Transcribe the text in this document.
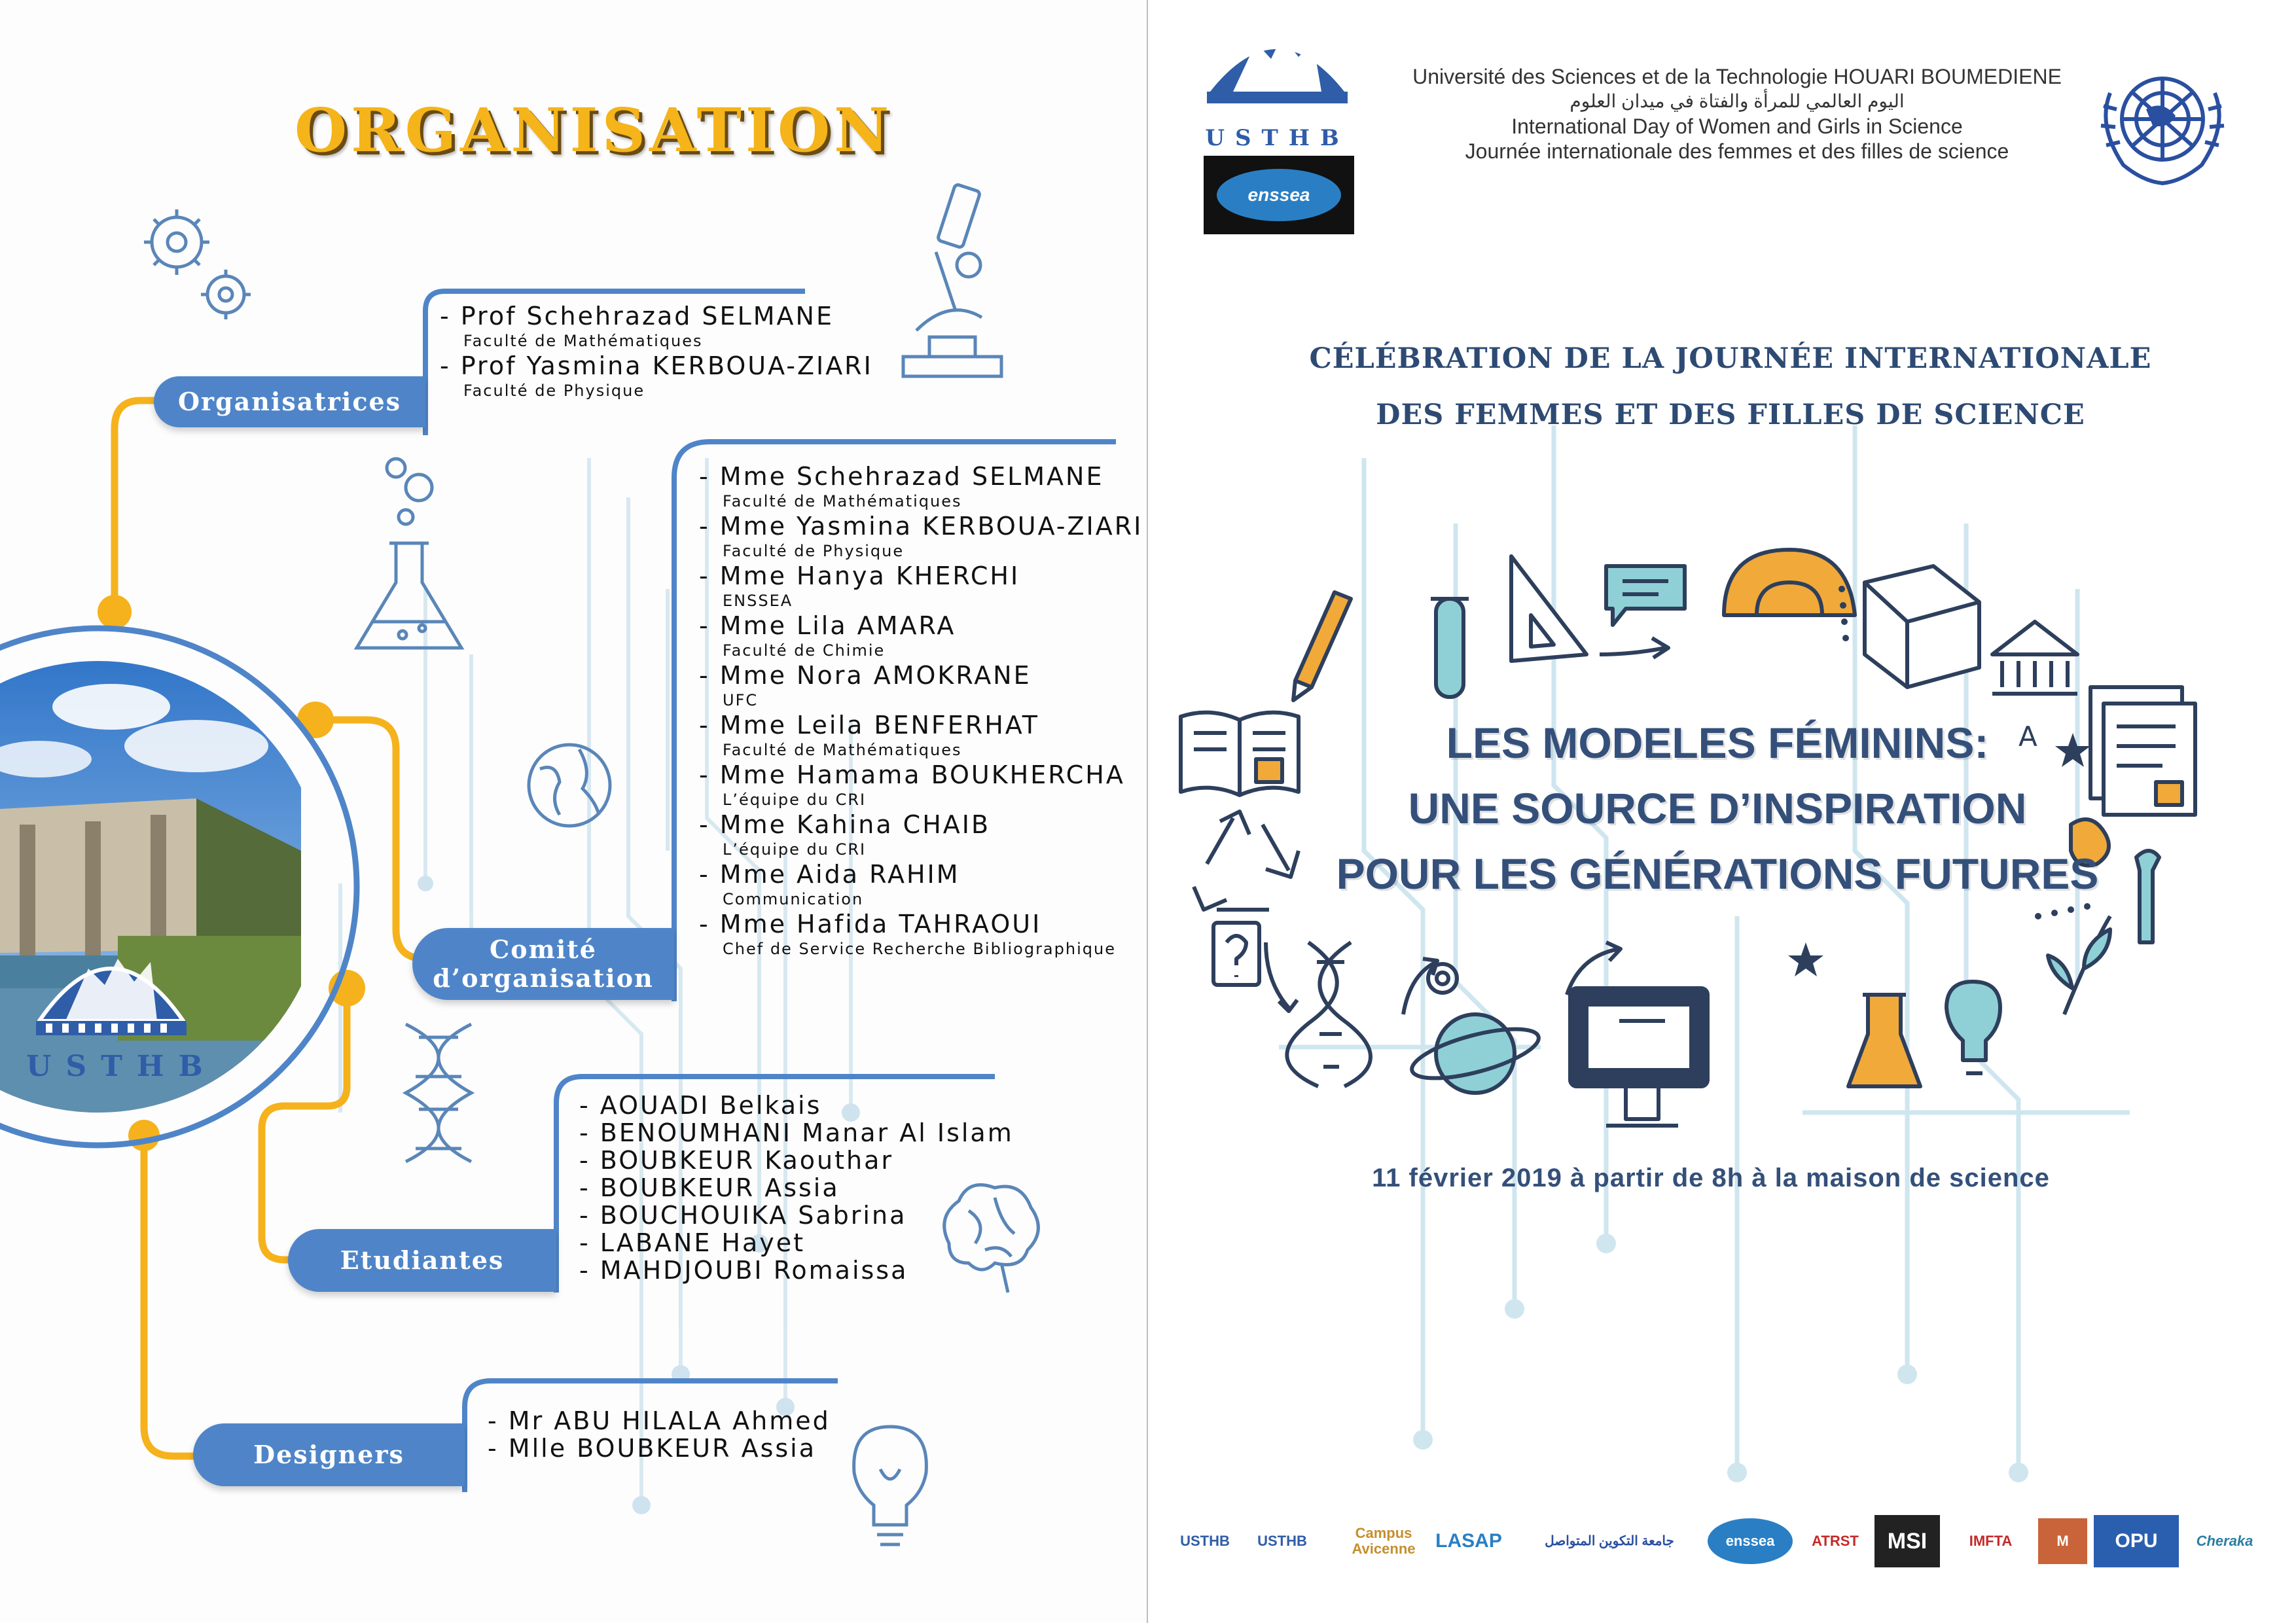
ORGANISATION
USTHB
Organisatrices
- Prof Schehrazad SELMANE
Faculté de Mathématiques
- Prof Yasmina KERBOUA-ZIARI
Faculté de Physique
Comité
d’organisation
- Mme Schehrazad SELMANE
Faculté de Mathématiques
- Mme Yasmina KERBOUA-ZIARI
Faculté de Physique
- Mme Hanya KHERCHI
ENSSEA
- Mme Lila AMARA
Faculté de Chimie
- Mme Nora AMOKRANE
UFC
- Mme Leila BENFERHAT
Faculté de Mathématiques
- Mme Hamama BOUKHERCHA
L’équipe du CRI
- Mme Kahina CHAIB
L’équipe du CRI
- Mme Aida RAHIM
Communication
- Mme Hafida TAHRAOUI
Chef de Service Recherche Bibliographique
Etudiantes
- AOUADI Belkais
- BENOUMHANI Manar Al Islam
- BOUBKEUR Kaouthar
- BOUBKEUR Assia
- BOUCHOUIKA Sabrina
- LABANE Hayet
- MAHDJOUBI Romaissa
Designers
- Mr ABU HILALA Ahmed
- Mlle BOUBKEUR Assia
USTHB
enssea
Université des Sciences et de la Technologie HOUARI BOUMEDIENE
اليوم العالمي للمرأة والفتاة في ميدان العلوم
International Day of Women and Girls in Science
Journée internationale des femmes et des filles de science
CÉLÉBRATION DE LA JOURNÉE INTERNATIONALE
DES FEMMES ET DES FILLES DE SCIENCE
A
LES MODELES FÉMININS:
UNE SOURCE D’INSPIRATION
POUR LES GÉNÉRATIONS FUTURES
11 février 2019 à partir de 8h à la maison de science
USTHB	USTHB	Campus Avicenne	LASAP	جامعة التكوين المتواصل	enssea	ATRST	MSI	IMFTA	M	OPU	Cheraka
